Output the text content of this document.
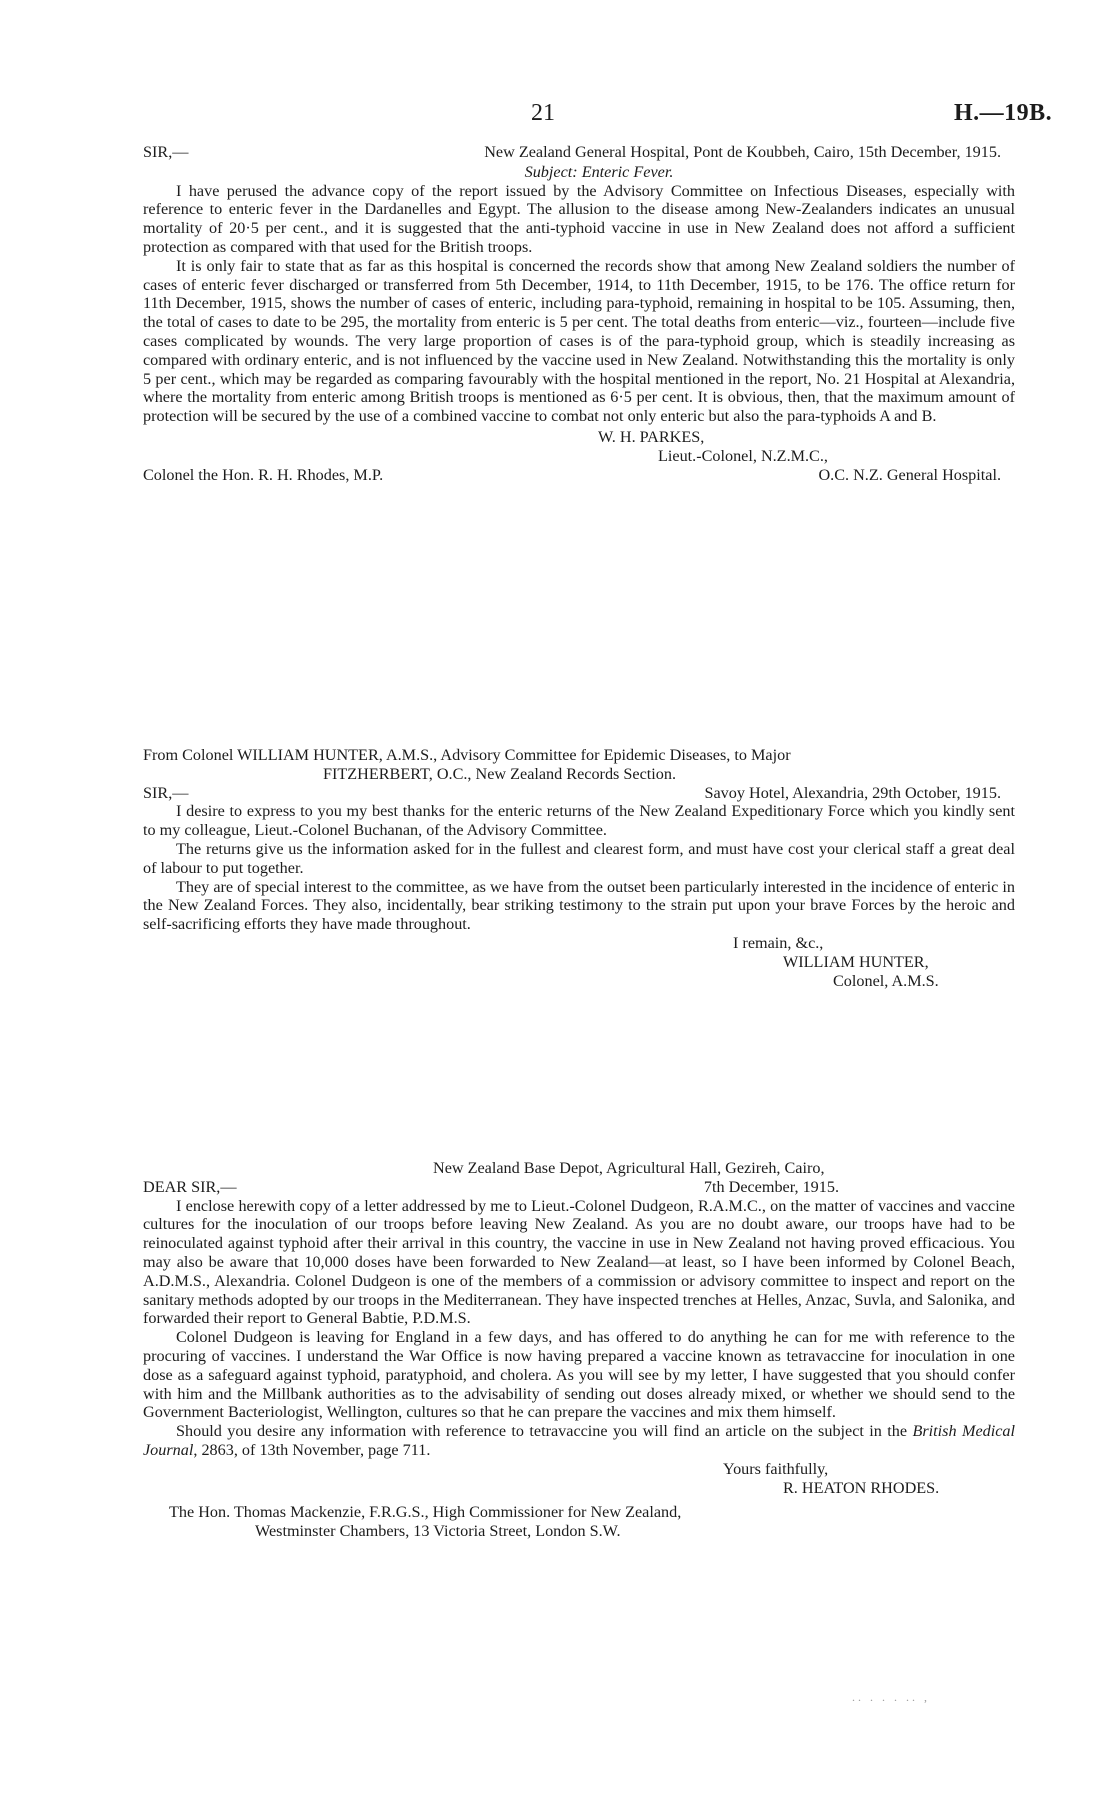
21	H.—19B.
SIR,—	New Zealand General Hospital, Pont de Koubbeh, Cairo, 15th December, 1915.
Subject: Enteric Fever.

I have perused the advance copy of the report issued by the Advisory Committee on Infectious Diseases, especially with reference to enteric fever in the Dardanelles and Egypt. The allusion to the disease among New-Zealanders indicates an unusual mortality of 20·5 per cent., and it is suggested that the anti-typhoid vaccine in use in New Zealand does not afford a sufficient protection as compared with that used for the British troops.

It is only fair to state that as far as this hospital is concerned the records show that among New Zealand soldiers the number of cases of enteric fever discharged or transferred from 5th December, 1914, to 11th December, 1915, to be 176. The office return for 11th December, 1915, shows the number of cases of enteric, including para-typhoid, remaining in hospital to be 105. Assuming, then, the total of cases to date to be 295, the mortality from enteric is 5 per cent. The total deaths from enteric—viz., fourteen—include five cases complicated by wounds. The very large proportion of cases is of the para-typhoid group, which is steadily increasing as compared with ordinary enteric, and is not influenced by the vaccine used in New Zealand. Notwithstanding this the mortality is only 5 per cent., which may be regarded as comparing favourably with the hospital mentioned in the report, No. 21 Hospital at Alexandria, where the mortality from enteric among British troops is mentioned as 6·5 per cent. It is obvious, then, that the maximum amount of protection will be secured by the use of a combined vaccine to combat not only enteric but also the para-typhoids A and B.

W. H. PARKES,
Lieut.-Colonel, N.Z.M.C.,
Colonel the Hon. R. H. Rhodes, M.P.	O.C. N.Z. General Hospital.
From Colonel WILLIAM HUNTER, A.M.S., Advisory Committee for Epidemic Diseases, to Major
FITZHERBERT, O.C., New Zealand Records Section.
SIR,—	Savoy Hotel, Alexandria, 29th October, 1915.

I desire to express to you my best thanks for the enteric returns of the New Zealand Expeditionary Force which you kindly sent to my colleague, Lieut.-Colonel Buchanan, of the Advisory Committee.

The returns give us the information asked for in the fullest and clearest form, and must have cost your clerical staff a great deal of labour to put together.

They are of special interest to the committee, as we have from the outset been particularly interested in the incidence of enteric in the New Zealand Forces. They also, incidentally, bear striking testimony to the strain put upon your brave Forces by the heroic and self-sacrificing efforts they have made throughout.

I remain, &c.,
WILLIAM HUNTER,
Colonel, A.M.S.
New Zealand Base Depot, Agricultural Hall, Gezireh, Cairo,
DEAR SIR,—	7th December, 1915.

I enclose herewith copy of a letter addressed by me to Lieut.-Colonel Dudgeon, R.A.M.C., on the matter of vaccines and vaccine cultures for the inoculation of our troops before leaving New Zealand. As you are no doubt aware, our troops have had to be reinoculated against typhoid after their arrival in this country, the vaccine in use in New Zealand not having proved efficacious. You may also be aware that 10,000 doses have been forwarded to New Zealand—at least, so I have been informed by Colonel Beach, A.D.M.S., Alexandria. Colonel Dudgeon is one of the members of a commission or advisory committee to inspect and report on the sanitary methods adopted by our troops in the Mediterranean. They have inspected trenches at Helles, Anzac, Suvla, and Salonika, and forwarded their report to General Babtie, P.D.M.S.

Colonel Dudgeon is leaving for England in a few days, and has offered to do anything he can for me with reference to the procuring of vaccines. I understand the War Office is now having prepared a vaccine known as tetravaccine for inoculation in one dose as a safeguard against typhoid, paratyphoid, and cholera. As you will see by my letter, I have suggested that you should confer with him and the Millbank authorities as to the advisability of sending out doses already mixed, or whether we should send to the Government Bacteriologist, Wellington, cultures so that he can prepare the vaccines and mix them himself.

Should you desire any information with reference to tetravaccine you will find an article on the subject in the British Medical Journal, 2863, of 13th November, page 711.

Yours faithfully,
R. HEATON RHODES.
The Hon. Thomas Mackenzie, F.R.G.S., High Commissioner for New Zealand,
Westminster Chambers, 13 Victoria Street, London S.W.
.. . . . .. ,
